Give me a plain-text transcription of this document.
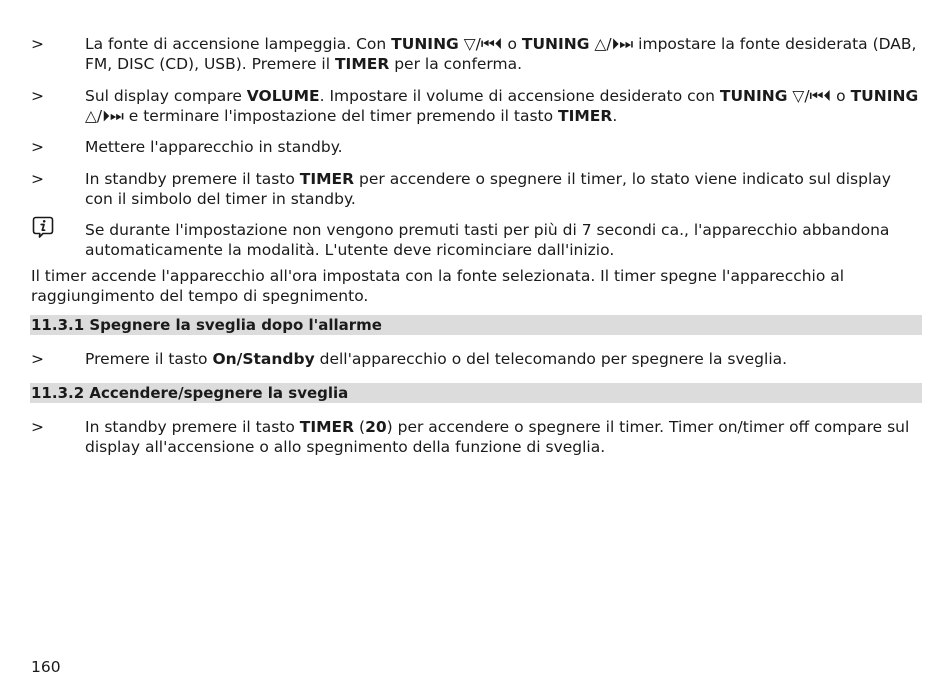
>	La fonte di accensione lampeggia. Con TUNING ▽/⏮⏴ o TUNING △/⏵⏭ impostare la fonte desiderata (DAB, FM, DISC (CD), USB). Premere il TIMER per la conferma.
>	Sul display compare VOLUME. Impostare il volume di accensione desiderato con TUNING ▽/⏮⏴ o TUNING △/⏵⏭ e terminare l'impostazione del timer premendo il tasto TIMER.
>	Mettere l'apparecchio in standby.
>	In standby premere il tasto TIMER per accendere o spegnere il timer, lo stato viene indicato sul display con il simbolo del timer in standby.
Se durante l'impostazione non vengono premuti tasti per più di 7 secondi ca., l'apparecchio abbandona automaticamente la modalità. L'utente deve ricominciare dall'inizio.
Il timer accende l'apparecchio all'ora impostata con la fonte selezionata. Il timer spegne l'apparecchio al raggiungimento del tempo di spegnimento.
11.3.1 Spegnere la sveglia dopo l'allarme
>	Premere il tasto On/Standby dell'apparecchio o del telecomando per spegnere la sveglia.
11.3.2 Accendere/spegnere la sveglia
>	In standby premere il tasto TIMER (20) per accendere o spegnere il timer. Timer on/timer off compare sul display all'accensione o allo spegnimento della funzione di sveglia.
160
